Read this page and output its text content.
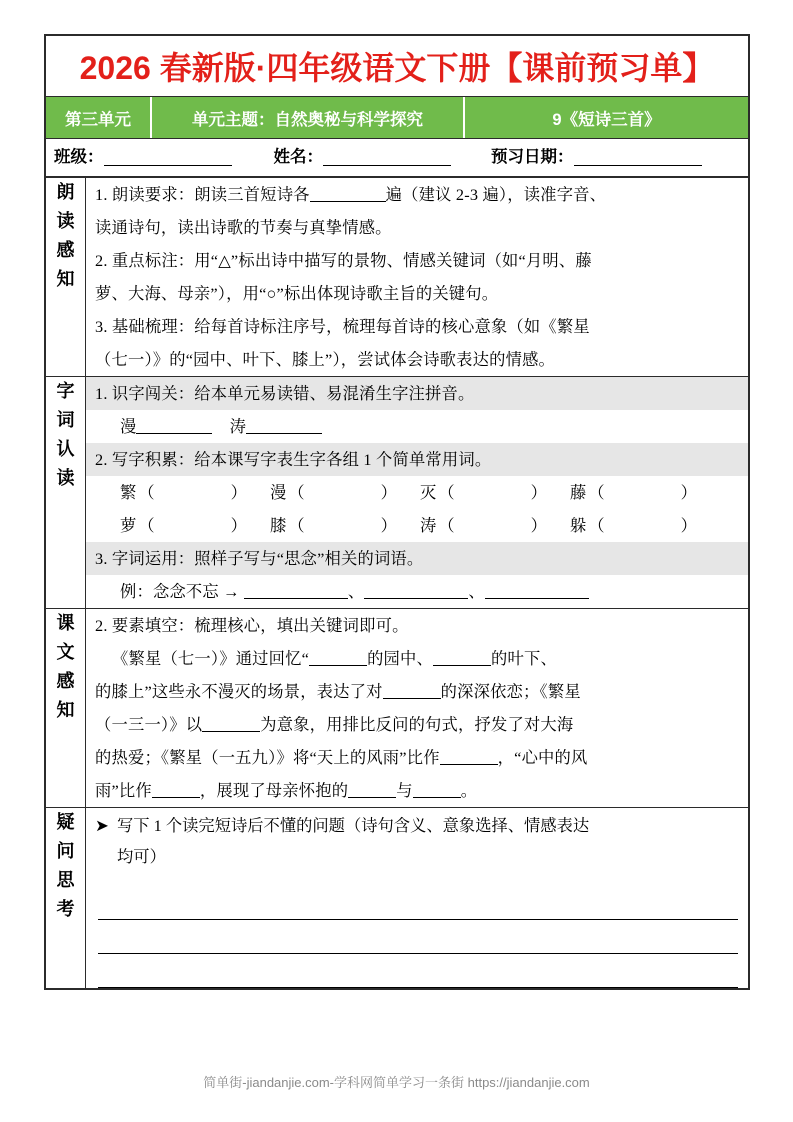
2026 春新版·四年级语文下册【课前预习单】
第三单元	单元主题：自然奥秘与科学探究	9《短诗三首》
班级：	姓名：	预习日期：
朗
读
感
知

1. 朗读要求：朗读三首短诗各	遍（建议 2-3 遍），读准字音、
读通诗句，读出诗歌的节奏与真挚情感。
2. 重点标注：用“△”标出诗中描写的景物、情感关键词（如“月明、藤
萝、大海、母亲”），用“○”标出体现诗歌主旨的关键句。
3. 基础梳理：给每首诗标注序号，梳理每首诗的核心意象（如《繁星
（七一）》的“园中、叶下、膝上”），尝试体会诗歌表达的情感。

字
词
认
读

1. 识字闯关：给本单元易读错、易混淆生字注拼音。
漫	涛
2. 写字积累：给本课写字表生字各组 1 个简单常用词。
繁 （	）	漫 （	）	灭 （	）	藤 （	）
萝 （	）	膝 （	）	涛 （	）	躲 （	）
3. 字词运用：照样子写与“思念”相关的词语。
例：念念不忘 →	、	、

课
文
感
知

2. 要素填空：梳理核心，填出关键词即可。
《繁星（七一）》通过回忆“	的园中、	的叶下、
的膝上”这些永不漫灭的场景，表达了对	的深深依恋；《繁星
（一三一）》以	为意象，用排比反问的句式，抒发了对大海
的热爱；《繁星（一五九）》将“天上的风雨”比作	，“心中的风
雨”比作	，展现了母亲怀抱的	与	。

疑
问
思
考	➤ 写下 1 个读完短诗后不懂的问题（诗句含义、意象选择、情感表达
均可）
简单街-jiandanjie.com-学科网简单学习一条街 https://jiandanjie.com
